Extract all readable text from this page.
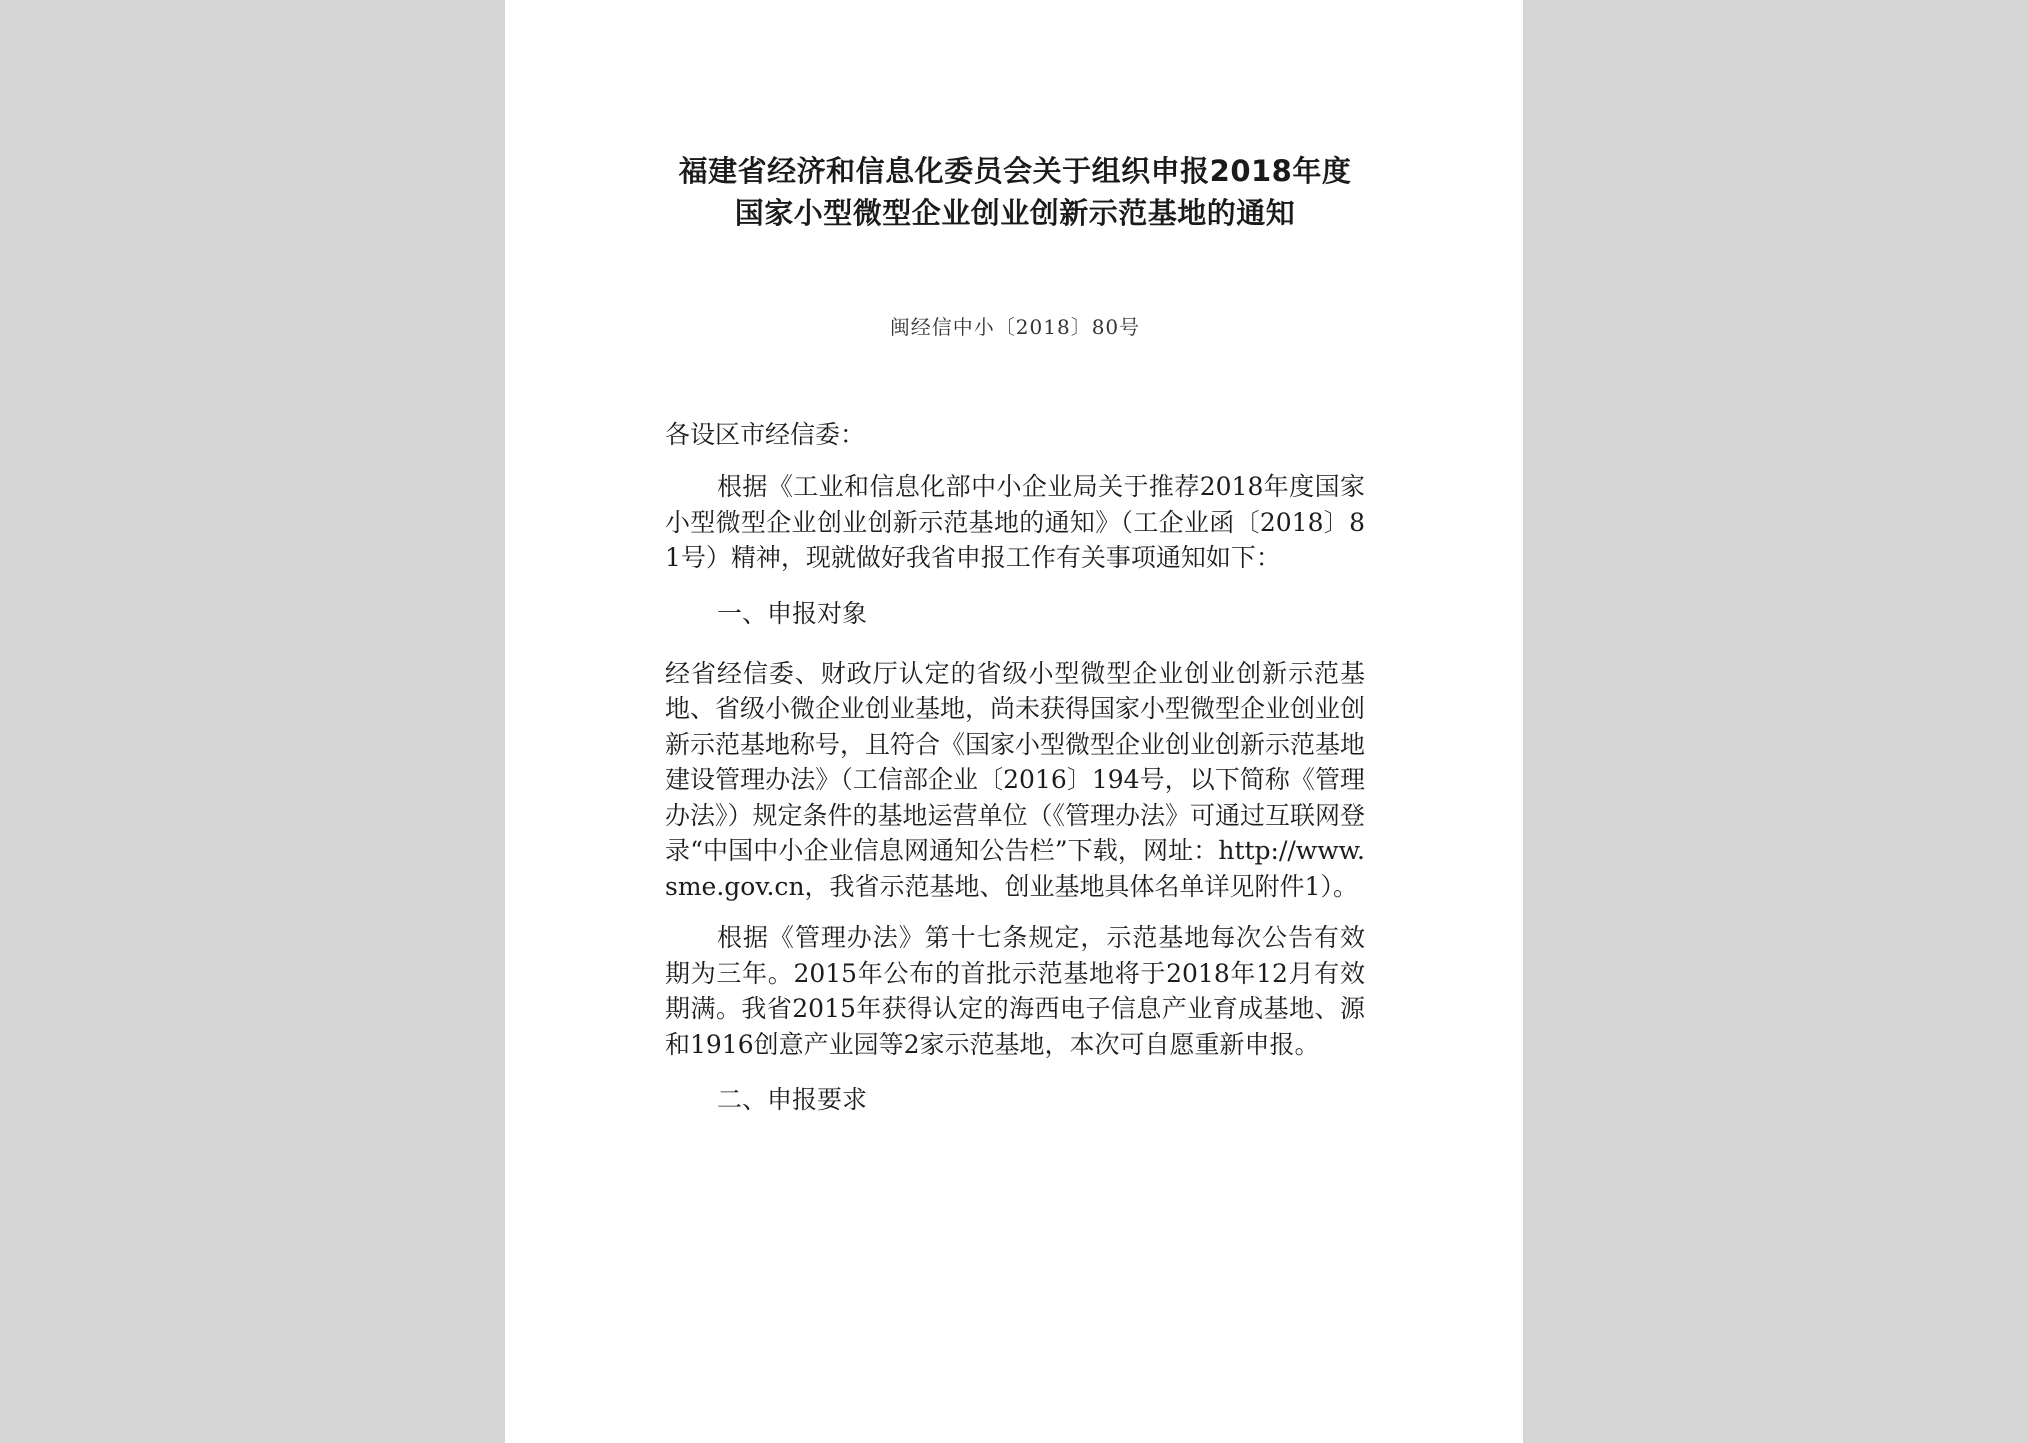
福建省经济和信息化委员会关于组织申报2018年度
国家小型微型企业创业创新示范基地的通知
闽经信中小〔2018〕80号
各设区市经信委：

根据《工业和信息化部中小企业局关于推荐2018年度国家小型微型企业创业创新示范基地的通知》（工企业函〔2018〕81号）精神，现就做好我省申报工作有关事项通知如下：

一、申报对象

经省经信委、财政厅认定的省级小型微型企业创业创新示范基地、省级小微企业创业基地，尚未获得国家小型微型企业创业创新示范基地称号，且符合《国家小型微型企业创业创新示范基地建设管理办法》（工信部企业〔2016〕194号，以下简称《管理办法》）规定条件的基地运营单位（《管理办法》可通过互联网登录“中国中小企业信息网通知公告栏”下载，网址：http://www.sme.gov.cn，我省示范基地、创业基地具体名单详见附件1）。

根据《管理办法》第十七条规定，示范基地每次公告有效期为三年。2015年公布的首批示范基地将于2018年12月有效期满。我省2015年获得认定的海西电子信息产业育成基地、源和1916创意产业园等2家示范基地，本次可自愿重新申报。

二、申报要求
